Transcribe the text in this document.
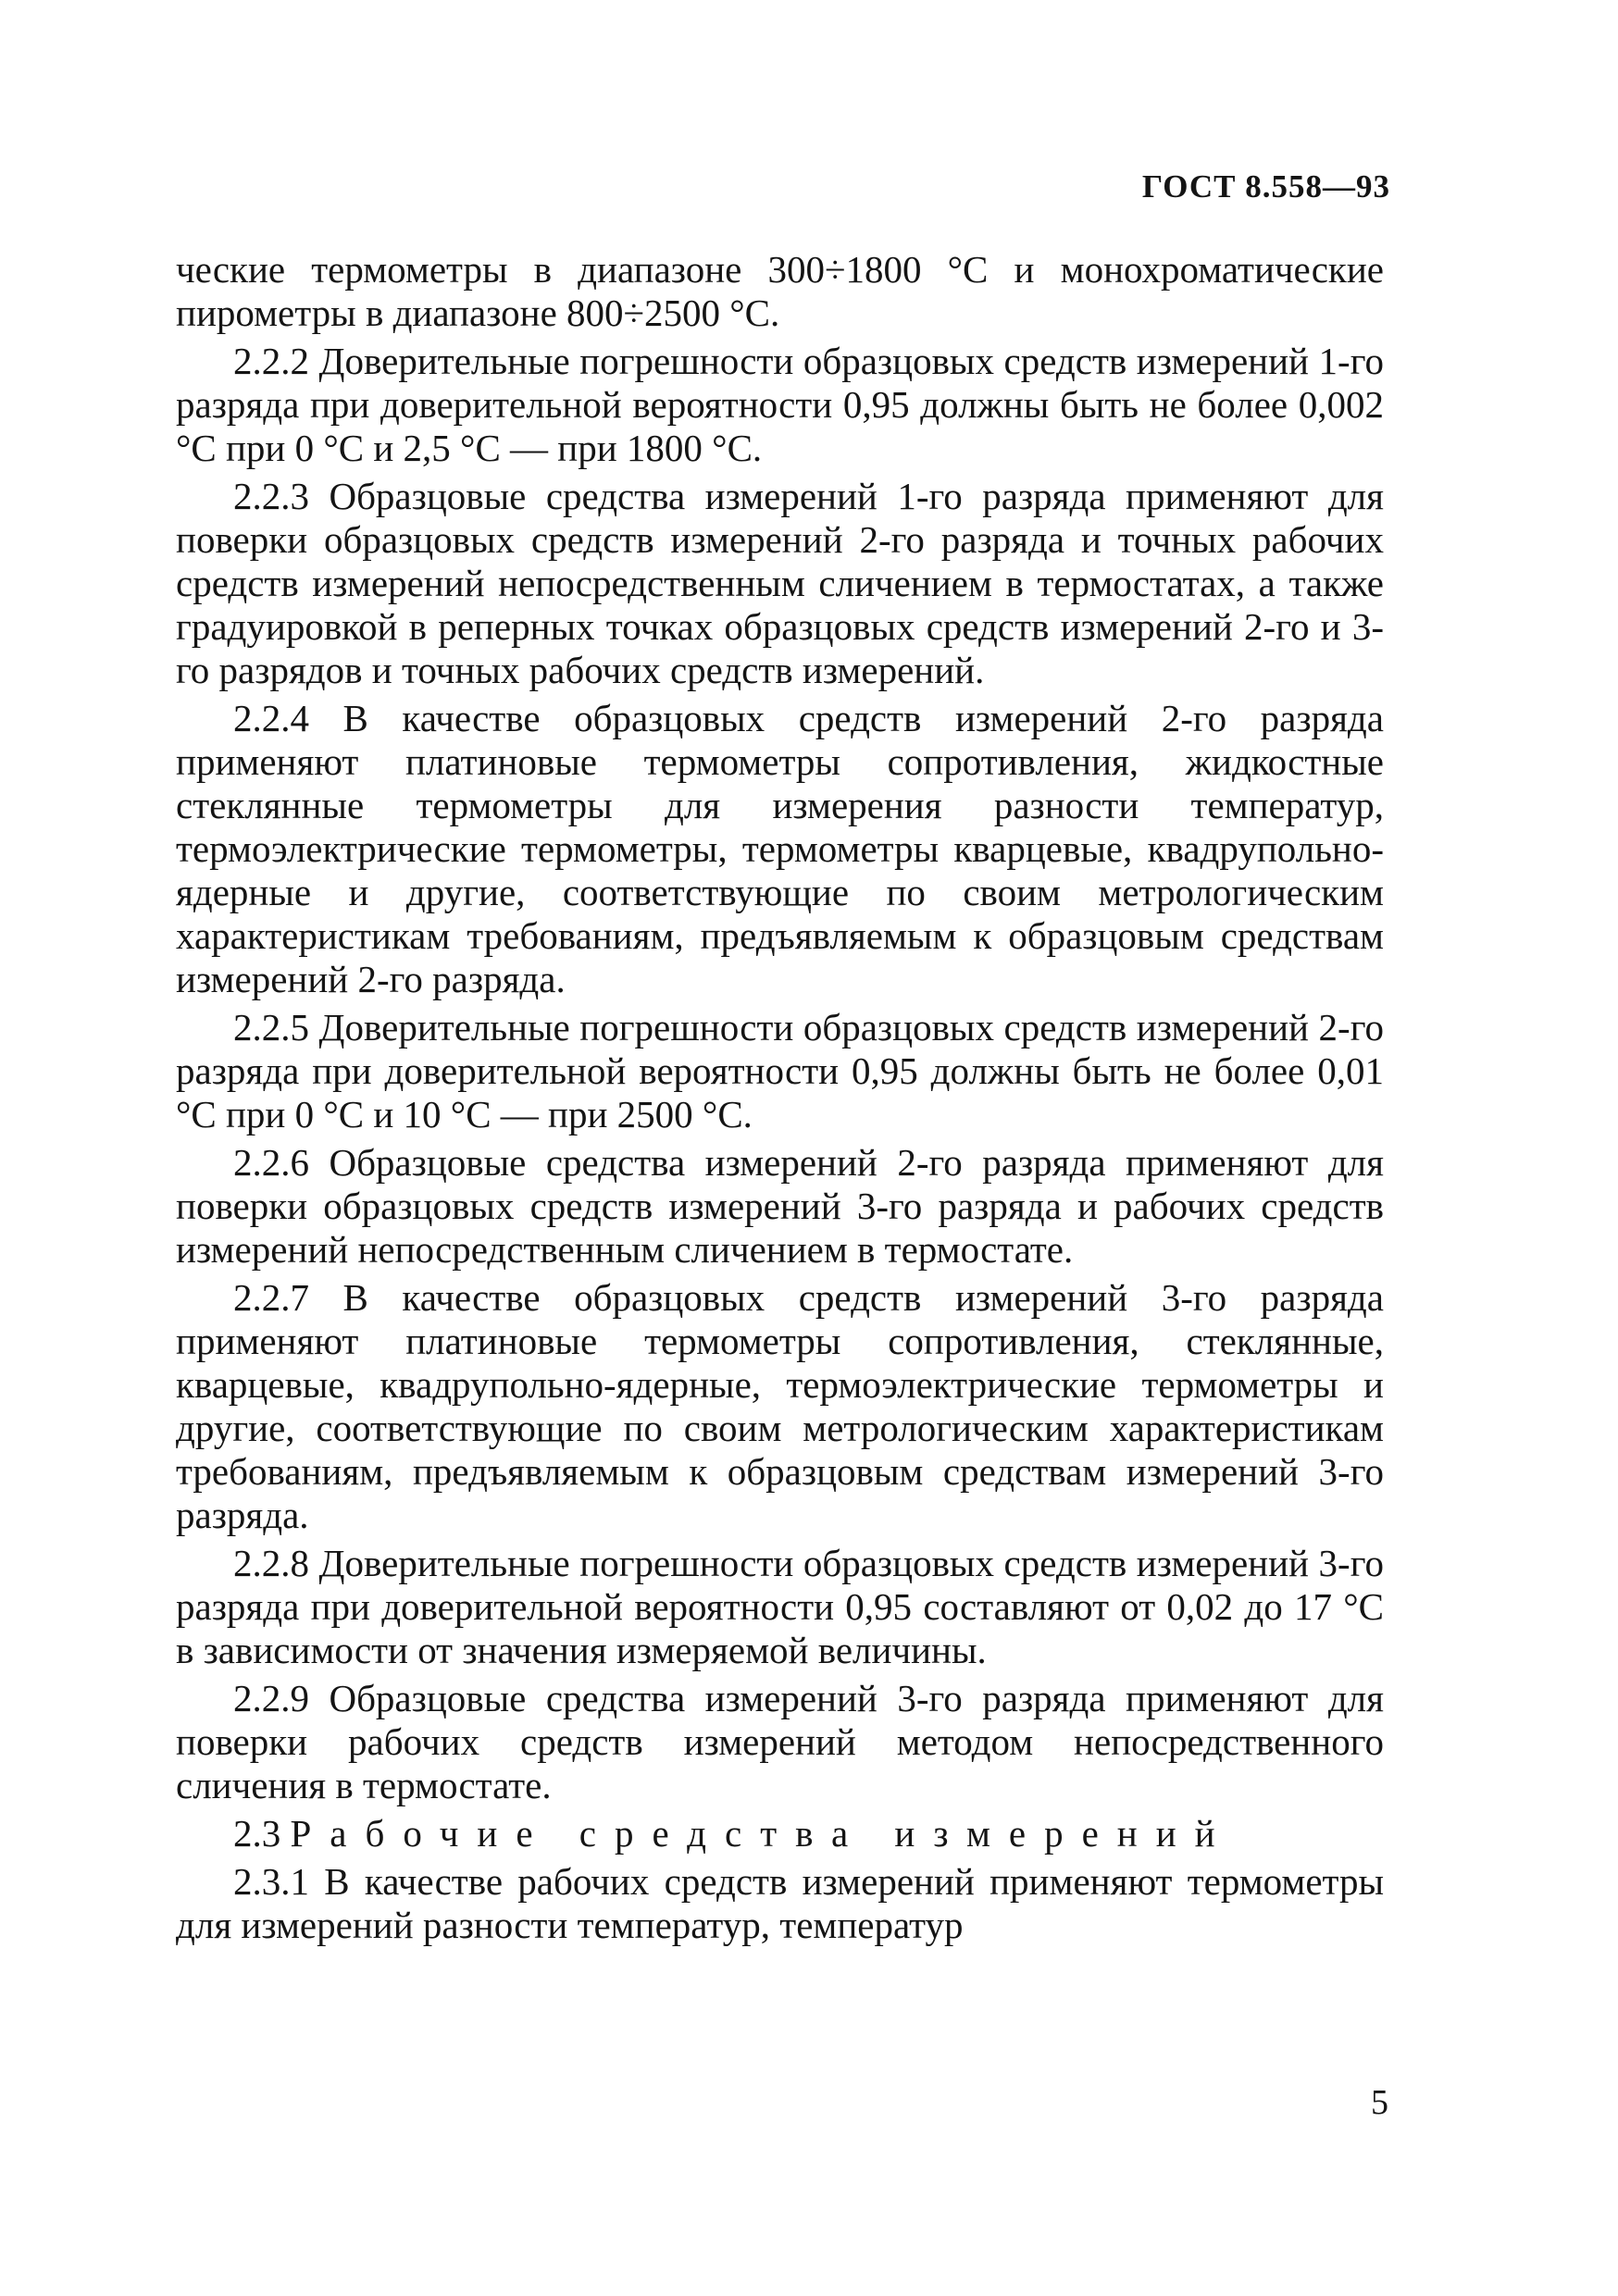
ГОСТ 8.558—93

ческие термометры в диапазоне 300÷1800 °С и монохроматические пирометры в диапазоне 800÷2500 °С.

2.2.2 Доверительные погрешности образцовых средств измерений 1-го разряда при доверительной вероятности 0,95 должны быть не более 0,002 °С при 0 °С и 2,5 °С — при 1800 °С.

2.2.3 Образцовые средства измерений 1-го разряда применяют для поверки образцовых средств измерений 2-го разряда и точных рабочих средств измерений непосредственным сличением в термостатах, а также градуировкой в реперных точках образцовых средств измерений 2-го и 3-го разрядов и точных рабочих средств измерений.

2.2.4 В качестве образцовых средств измерений 2-го разряда применяют платиновые термометры сопротивления, жидкостные стеклянные термометры для измерения разности температур, термоэлектрические термометры, термометры кварцевые, квадрупольно-ядерные и другие, соответствующие по своим метрологическим характеристикам требованиям, предъявляемым к образцовым средствам измерений 2-го разряда.

2.2.5 Доверительные погрешности образцовых средств измерений 2-го разряда при доверительной вероятности 0,95 должны быть не более 0,01 °С при 0 °С и 10 °С — при 2500 °С.

2.2.6 Образцовые средства измерений 2-го разряда применяют для поверки образцовых средств измерений 3-го разряда и рабочих средств измерений непосредственным сличением в термостате.

2.2.7 В качестве образцовых средств измерений 3-го разряда применяют платиновые термометры сопротивления, стеклянные, кварцевые, квадрупольно-ядерные, термоэлектрические термометры и другие, соответствующие по своим метрологическим характеристикам требованиям, предъявляемым к образцовым средствам измерений 3-го разряда.

2.2.8 Доверительные погрешности образцовых средств измерений 3-го разряда при доверительной вероятности 0,95 составляют от 0,02 до 17 °С в зависимости от значения измеряемой величины.

2.2.9 Образцовые средства измерений 3-го разряда применяют для поверки рабочих средств измерений методом непосредственного сличения в термостате.

2.3 Рабочие средства измерений

2.3.1 В качестве рабочих средств измерений применяют термометры для измерений разности температур, температур

5
